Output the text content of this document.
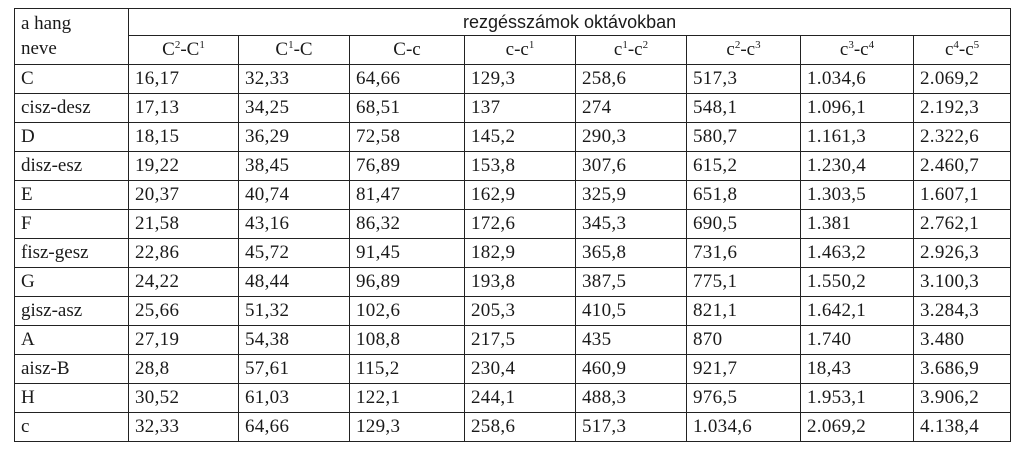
a hang
neve	rezgésszámok oktávokban							
	$C^2-C^1$	$C^1-C$	C-c	$c-c^1$	$c^1-c^2$	$c^2-c^3$	$c^3-c^4$	$c^4-c^5$
C	16,17	32,33	64,66	129,3	258,6	517,3	1.034,6	2.069,2
cisz-desz	17,13	34,25	68,51	137	274	548,1	1.096,1	2.192,3
D	18,15	36,29	72,58	145,2	290,3	580,7	1.161,3	2.322,6
disz-esz	19,22	38,45	76,89	153,8	307,6	615,2	1.230,4	2.460,7
E	20,37	40,74	81,47	162,9	325,9	651,8	1.303,5	1.607,1
F	21,58	43,16	86,32	172,6	345,3	690,5	1.381	2.762,1
fisz-gesz	22,86	45,72	91,45	182,9	365,8	731,6	1.463,2	2.926,3
G	24,22	48,44	96,89	193,8	387,5	775,1	1.550,2	3.100,3
gisz-asz	25,66	51,32	102,6	205,3	410,5	821,1	1.642,1	3.284,3
A	27,19	54,38	108,8	217,5	435	870	1.740	3.480
aisz-B	28,8	57,61	115,2	230,4	460,9	921,7	18,43	3.686,9
H	30,52	61,03	122,1	244,1	488,3	976,5	1.953,1	3.906,2
c	32,33	64,66	129,3	258,6	517,3	1.034,6	2.069,2	4.138,4
